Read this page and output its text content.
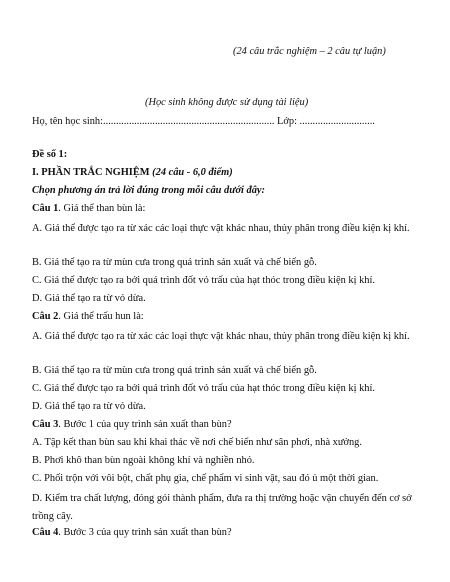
(24 câu trắc nghiệm – 2 câu tự luận)
(Học sinh không được sử dụng tài liệu)
Họ, tên học sinh:.................................................................. Lớp: .............................
Đề số 1:
I. PHẦN TRẮC NGHIỆM (24 câu - 6,0 điểm)
Chọn phương án trả lời đúng trong mỗi câu dưới đây:
Câu 1. Giá thể than bùn là:
A. Giá thể được tạo ra từ xác các loại thực vật khác nhau, thủy phân trong điều kiện kị khí.
B. Giá thể tạo ra từ mùn cưa trong quá trình sản xuất và chế biến gỗ.
C. Giá thể được tạo ra bởi quá trình đốt vỏ trấu của hạt thóc trong điều kiện kị khí.
D. Giá thể tạo ra từ vỏ dừa.
Câu 2. Giá thể trấu hun là:
A. Giá thể được tạo ra từ xác các loại thực vật khác nhau, thủy phân trong điều kiện kị khí.
B. Giá thể tạo ra từ mùn cưa trong quá trình sản xuất và chế biến gỗ.
C. Giá thể được tạo ra bởi quá trình đốt vỏ trấu của hạt thóc trong điều kiện kị khí.
D. Giá thể tạo ra từ vỏ dừa.
Câu 3. Bước 1 của quy trình sản xuất than bùn?
A. Tập kết than bùn sau khi khai thác về nơi chế biến như sân phơi, nhà xưởng.
B. Phơi khô than bùn ngoài không khí và nghiền nhỏ.
C. Phối trộn với vôi bột, chất phụ gia, chế phẩm vi sinh vật, sau đó ủ một thời gian.
D. Kiểm tra chất lượng, đóng gói thành phẩm, đưa ra thị trường hoặc vận chuyển đến cơ sở trồng cây.
Câu 4. Bước 3 của quy trình sản xuất than bùn?
